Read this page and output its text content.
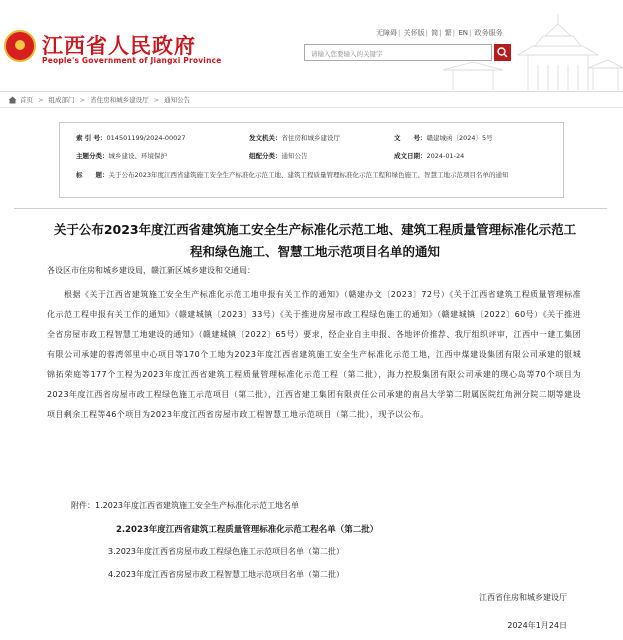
江西省人民政府
People's Government of Jiangxi Province
无障碍| 关怀版| 简| 繁| EN| 政务服务
请输入您要输入的关键字
首页 > 组成部门 > 省住房和城乡建设厅 > 通知公告
索 引 号：014501199/2024-00027	发文机关：省住房和城乡建设厅	文　　号：赣建城函〔2024〕5号
主题分类：城乡建设、环境保护	组配分类：通知公告	成文日期：2024-01-24
标　　题：关于公布2023年度江西省建筑施工安全生产标准化示范工地、建筑工程质量管理标准化示范工程和绿色施工、智慧工地示范项目名单的通知
关于公布2023年度江西省建筑施工安全生产标准化示范工地、建筑工程质量管理标准化示范工程和绿色施工、智慧工地示范项目名单的通知
各设区市住房和城乡建设局，赣江新区城乡建设和交通局：
根据《关于江西省建筑施工安全生产标准化示范工地申报有关工作的通知》（赣建办文〔2023〕72号）《关于江西省建筑工程质量管理标准化示范工程申报有关工作的通知》（赣建城镇〔2023〕33号）《关于推进房屋市政工程绿色施工的通知》（赣建城镇〔2022〕60号）《关于推进全省房屋市政工程智慧工地建设的通知》（赣建城镇〔2022〕65号）要求，经企业自主申报、各地评价推荐、我厅组织评审，江西中一建工集团有限公司承建的蓉湾邻里中心项目等170个工地为2023年度江西省建筑施工安全生产标准化示范工地，江西中煤建设集团有限公司承建的银城锦拓荣庭等177个工程为2023年度江西省建筑工程质量管理标准化示范工程（第二批），海力控股集团有限公司承建的璞心岛等70个项目为2023年度江西省房屋市政工程绿色施工示范项目（第二批），江西省建工集团有限责任公司承建的南昌大学第二附属医院红角洲分院二期等建设项目剩余工程等46个项目为2023年度江西省房屋市政工程智慧工地示范项目（第二批），现予以公布。
附件：1.2023年度江西省建筑施工安全生产标准化示范工地名单
2.2023年度江西省建筑工程质量管理标准化示范工程名单（第二批）
3.2023年度江西省房屋市政工程绿色施工示范项目名单（第二批）
4.2023年度江西省房屋市政工程智慧工地示范项目名单（第二批）
江西省住房和城乡建设厅
2024年1月24日
